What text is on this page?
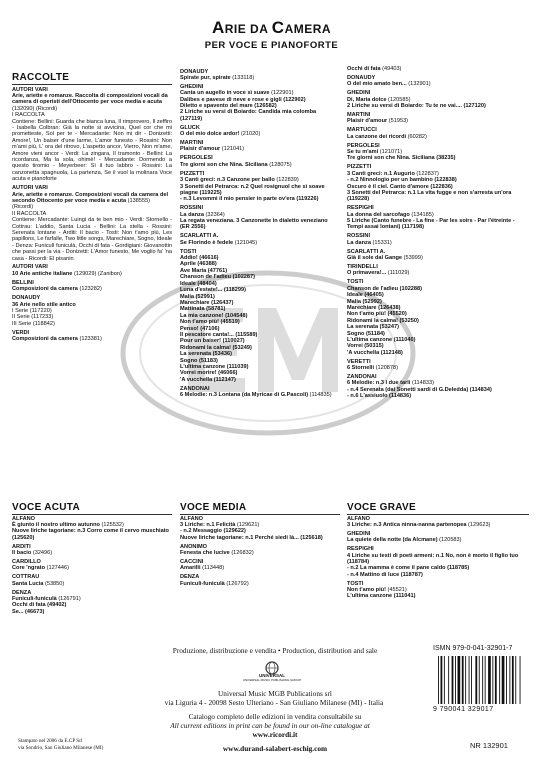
ARIE DA CAMERA
PER VOCE E PIANOFORTE
RACCOLTE
AUTORI VARI
Arie, ariette e romanze. Raccolta di composizioni vocali da camera di operisti dell'Ottocento per voce media e acuta (132090) (Ricordi)
I RACCOLTA
Contiene: Bellini: Guarda che bianca luna, Il rimprovero, Il zeffiro - Isabella Colbran: Già la notte si avvicina, Quel cor che mi prometteste, Sol per te - Mercadante: Non mi dir - Donizetti: Amore!, Un baiser d'une larme, L'amor funesto - Rossini: Non m'ami più, L' ora del ritrovo, L'aspetto ancor, Vierro, Non m'ame, Amore vieni ancor - Verdi: La zingara, Il tramonto - Bellini: La ricordanza, Ma la sola, ohimè! - Mercadante: Dormendo a questo tiromio - Meyerbeer: Sì il tuo labbro - Rossini: La canzonetta spagnuola, La partenza, Se il vuol la molinara Voce acuta e pianoforte
AUTORI VARI
Arie, ariette e romanze. Composizioni vocali da camera del secondo Ottocento per voce media e acuta (138555) (Ricordi)
II RACCOLTA
Contiene: Mercadante: Luingi da te ben mio - Verdi: Stornello - Cottrau: L'addio, Santa Lucia - Bellini: La stella - Rossini: Serenata lontane - Arditi: Il bacio - Tosti: Non t'amo più, Les papillons, Le farfalle, Two little songs, Marechiare, Sogno, Ideale - Denza: Funiculì funiculà, Occhi di fata - Gordigiani: Giovanottin che passi per la via - Donizetti: L'Amor funesto, Me voglio fa' 'na casa - Ricordi: El pisanin
AUTORI VARI
10 Arie antiche italiane (129029) (Zanibon)
BELLINI
Composizioni da camera (123282)
DONAUDY
36 Arie nello stile antico
I Serie (117220)
II Serie (117233)
III Serie (118842)
VERDI
Composizioni da camera (123381)
DONAUDY
Spirate pur, spirate (133118)
GHEDINI
Canta un augello in voce sì suave (122901)
Dalibes e pavese di neve e rose e gigli (122902)
Diletto e spavento del mare (126582)
2 Liriche su versi di Boiardo: Candida mia colomba (127119)
GLUCK
O del mio dolce ardor! (21020)
MARTINI
Plaisir d'amour (121041)
PERGOLESI
Tre giorni son che Nina. Siciliana (128075)
PIZZETTI
3 Canti greci: n.3 Canzone per ballo (122839)
3 Sonetti del Petrarca: n.2 Quel rosignuol che sì soave piagne (119225)
- n.3 Levommi il mio pensier in parte ov'era (119226)
ROSSINI
La danza (32364)
La regata veneziana. 3 Canzonette in dialetto veneziano (ER 2556)
SCARLATTI A.
Se Florindo è fedele (121045)
TOSTI
Addio! (46616)
Aprile (46388)
Ave Maria (47761)
Chanson de l'adieu (102287)
Ideale (48404)
Luna d'estate!... (118299)
Malia (52991)
Marechiare (126437)
Mattinata (58781)
La mia canzone! (104548)
Non t'amo più! (45519)
Penso! (47106)
Il pescatore canta!... (115589)
Pour un baiser! (110027)
Ridonami la calma! (53249)
La serenata (53436)
Sogno (51183)
L'ultima canzone (111039)
Vorrei morire! (46066)
'A vucchella (112147)
ZANDONAI
6 Melodie: n.3 Lontana (da Myricae di G.Pascoli) (114835)
Occhi di fata (49403)
DONAUDY
O del mio amato ben... (132901)
GHEDINI
Di, Maria dolce (120585)
2 Liriche su versi di Boiardo: Tu te ne vai.... (127120)
MARTINI
Plaisir d'amour (51953)
MARTUCCI
La canzone dei ricordi (60282)
PERGOLESI
Se tu m'ami (121071)
Tre giorni son che Nina. Siciliana (38235)
PIZZETTI
3 Canti greci: n.1 Augurio (122837)
- n.2 Ninnologio per un bambino (122838)
Oscuro è il ciel. Canto d'amore (122836)
3 Sonetti del Petrarca: n.1 La vita fugge e non s'arresta un'ora (119228)
RESPIGHI
La donna del sarcofago (134185)
5 Liriche (Canto funebre - La fine - Par les soirs - Par l'étreinte - Tempi assai lontani) (117198)
ROSSINI
La danza (15331)
SCARLATTI A.
Già il sole dal Gange (53999)
TIRINDELLI
O primavera!... (111029)
TOSTI
Chanson de l'adieu (102288)
Ideale (46405)
Malia (52992)
Marechiare (126438)
Non t'amo più! (45520)
Ridonami la calma! (53250)
La serenata (53247)
Sogno (51184)
L'ultima canzone (111040)
Vorrei (50315)
'A vucchella (112148)
VERETTI
6 Stornelli (120878)
ZANDONAI
6 Melodie: n.3 I due tarli (114833)
- n.4 Serenata (dai Sonetti sardi di G.Deledda) (114834)
- n.6 L'assiuolo (114836)
VOCE ACUTA
ALFANO
È giunto il nostro ultimo autunno (125532)
Nuove liriche tagoriane: n.3 Corro come il cervo muschiato (125620)
ARDITI
Il bacio (32496)
CARDILLO
Core 'ngrato (127446)
COTTRAU
Santa Lucia (53850)
DENZA
Funiculì-funiculà (126791)
Occhi di fata (49402)
Se... (46673)
VOCE MEDIA
ALFANO
3 Liriche: n.1 Felicità (129621)
- n.2 Messaggio (129622)
Nuove liriche tagoriane: n.1 Perché siedi là... (125618)
ANONIMO
Fenesta che lucive (126832)
CACCINI
Amarilli (113448)
DENZA
Funiculì-funiculà (126792)
VOCE GRAVE
ALFANO
3 Liriche: n.3 Antica ninna-nanna partenopea (129623)
GHEDINI
La quiete della notte (da Alcmane) (120583)
RESPIGHI
4 Liriche su testi di poeti armeni: n.1 No, non è morto il figlio tuo (118784)
- n.2 La mamma è come il pane caldo (118785)
- n.4 Mattino di luce (118787)
TOSTI
Non t'amo più! (45521)
L'ultima canzone (111041)
Produzione, distribuzione e vendita • Production, distribution and sale
UNIVERSAL
UNIVERSAL MUSIC PUBLISHING GROUP
Universal Music MGB Publications srl
via Liguria 4 - 20098 Sesto Ulteriano - San Giuliano Milanese (MI) - Italia
Catalogo completo delle edizioni in vendita consultabile su
All current editions in print can be found in our on-line catalogue at
www.ricordi.it
www.durand-salabert-eschig.com
Stampato nel 2006 da E.CP Srl
via Sondrio, San Giuliano Milanese (MI)
ISMN 979-0-041-32901-7
9 790041 329017
NR 132901
